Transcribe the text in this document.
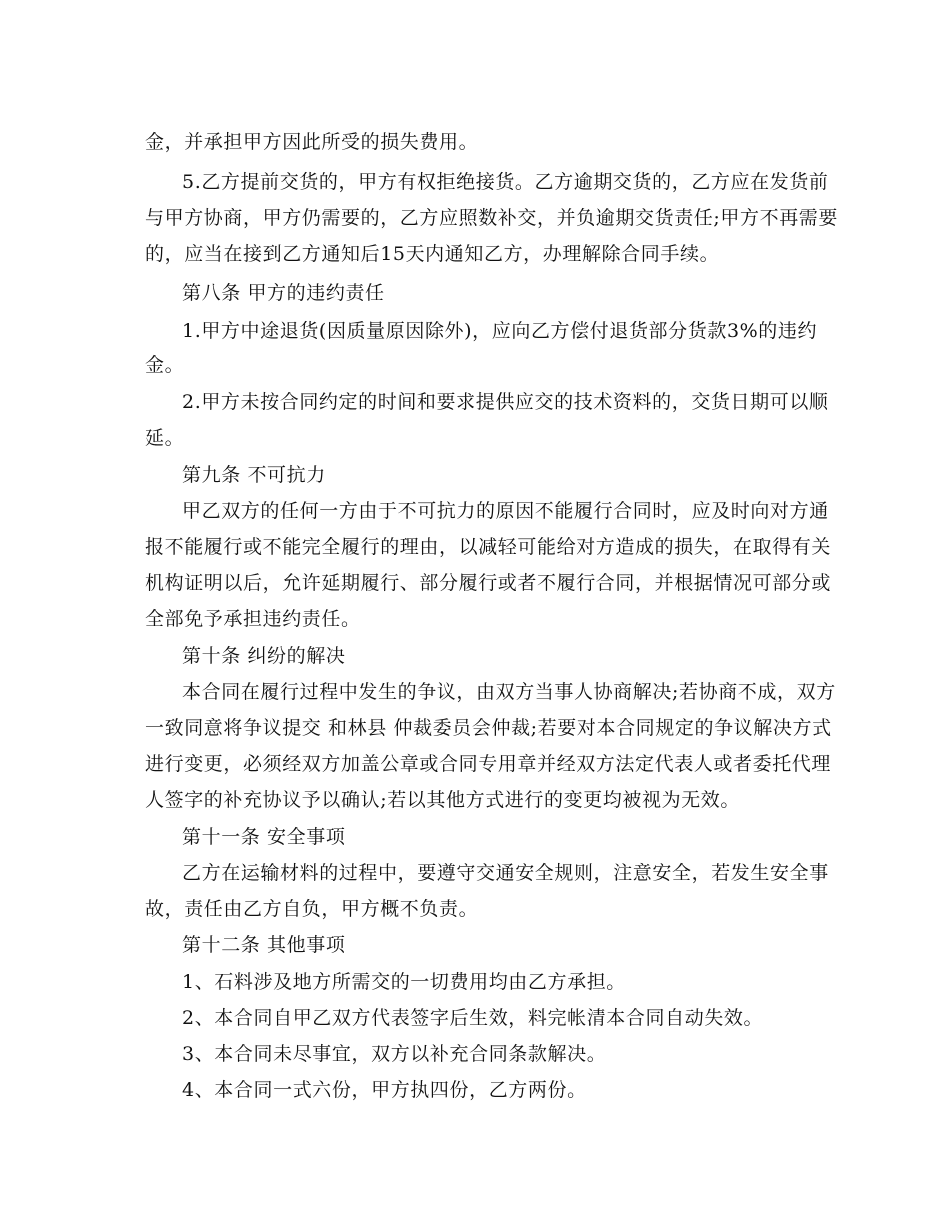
金，并承担甲方因此所受的损失费用。
5.乙方提前交货的，甲方有权拒绝接货。乙方逾期交货的，乙方应在发货前
与甲方协商，甲方仍需要的，乙方应照数补交，并负逾期交货责任;甲方不再需要
的，应当在接到乙方通知后15天内通知乙方，办理解除合同手续。
第八条 甲方的违约责任
1.甲方中途退货(因质量原因除外)，应向乙方偿付退货部分货款3%的违约
金。
2.甲方未按合同约定的时间和要求提供应交的技术资料的，交货日期可以顺
延。
第九条 不可抗力
甲乙双方的任何一方由于不可抗力的原因不能履行合同时，应及时向对方通
报不能履行或不能完全履行的理由，以减轻可能给对方造成的损失，在取得有关
机构证明以后，允许延期履行、部分履行或者不履行合同，并根据情况可部分或
全部免予承担违约责任。
第十条 纠纷的解决
本合同在履行过程中发生的争议，由双方当事人协商解决;若协商不成，双方
一致同意将争议提交 和林县 仲裁委员会仲裁;若要对本合同规定的争议解决方式
进行变更，必须经双方加盖公章或合同专用章并经双方法定代表人或者委托代理
人签字的补充协议予以确认;若以其他方式进行的变更均被视为无效。
第十一条 安全事项
乙方在运输材料的过程中，要遵守交通安全规则，注意安全，若发生安全事
故，责任由乙方自负，甲方概不负责。
第十二条 其他事项
1、石料涉及地方所需交的一切费用均由乙方承担。
2、本合同自甲乙双方代表签字后生效，料完帐清本合同自动失效。
3、本合同未尽事宜，双方以补充合同条款解决。
4、本合同一式六份，甲方执四份，乙方两份。
